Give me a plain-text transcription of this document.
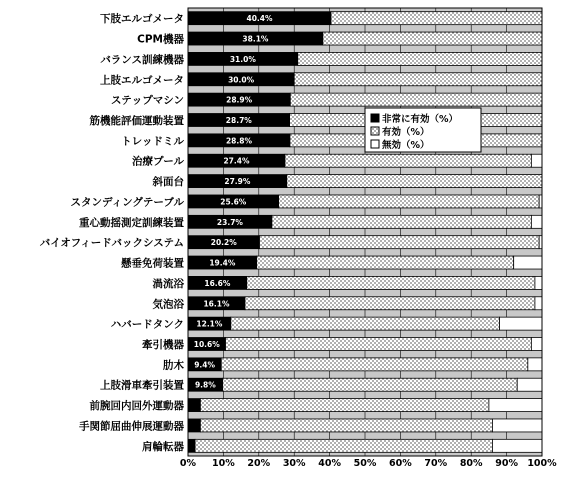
40.4%
38.1%
31.0%
30.0%
28.9%
28.7%
28.8%
27.4%
27.9%
25.6%
23.7%
20.2%
19.4%
16.6%
16.1%
12.1%
10.6%
9.4%
9.8%
下肢エルゴメータ
CPM機器
バランス訓練機器
上肢エルゴメータ
ステップマシン
筋機能評価運動装置
トレッドミル
治療プール
斜面台
スタンディングテーブル
重心動揺測定訓練装置
バイオフィードバックシステム
懸垂免荷装置
渦流浴
気泡浴
ハバードタンク
牽引機器
肋木
上肢滑車牽引装置
前腕回内回外運動器
手関節屈曲伸展運動器
肩輪転器
0% 10% 20% 30% 40% 50% 60% 70% 80% 90% 100%
非常に有効（%）
有効（%）
無効（%）
